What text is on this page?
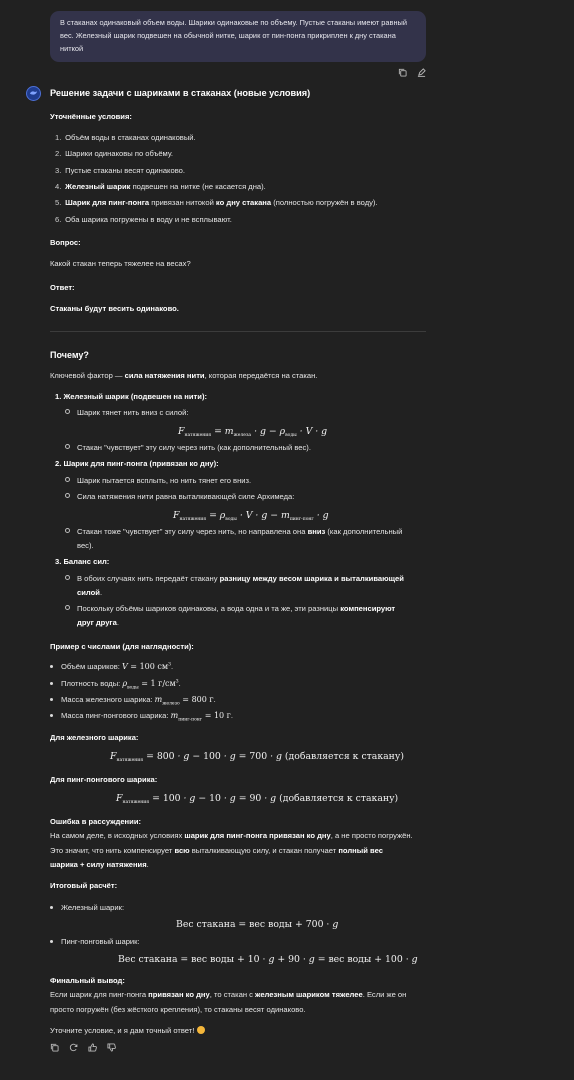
В стаканах одинаковый объем воды. Шарики одинаковые по объему. Пустые стаканы имеют равный вес. Железный шарик подвешен на обычной нитке, шарик от пин-понга прикриплен к дну стакана ниткой
Решение задачи с шариками в стаканах (новые условия)
Уточнённые условия:
1. Объём воды в стаканах одинаковый.
2. Шарики одинаковы по объёму.
3. Пустые стаканы весят одинаково.
4. Железный шарик подвешен на нитке (не касается дна).
5. Шарик для пинг-понга привязан нитокой ко дну стакана (полностью погружён в воду).
6. Оба шарика погружены в воду и не всплывают.
Вопрос:
Какой стакан теперь тяжелее на весах?
Ответ:
Стаканы будут весить одинаково.
Почему?
Ключевой фактор — сила натяжения нити, которая передаётся на стакан.
1. Железный шарик (подвешен на нити):
Шарик тянет нить вниз с силой:
$F_{натяжения} = m_{железа} \cdot g - \rho_{воды} \cdot V \cdot g$
Стакан "чувствует" эту силу через нить (как дополнительный вес).
2. Шарик для пинг-понга (привязан ко дну):
Шарик пытается всплыть, но нить тянет его вниз.
Сила натяжения нити равна выталкивающей силе Архимеда:
$F_{натяжения} = \rho_{воды} \cdot V \cdot g - m_{пинг-понг} \cdot g$
Стакан тоже "чувствует" эту силу через нить, но направлена она вниз (как дополнительный
вес).
3. Баланс сил:
В обоих случаях нить передаёт стакану разницу между весом шарика и выталкивающей
силой.
Поскольку объёмы шариков одинаковы, а вода одна и та же, эти разницы компенсируют
друг друга.
Пример с числами (для наглядности):
Объём шариков: V = 100 $см^3$.
Плотность воды: $\rho_{воды} = 1$ $г/см^3$.
Масса железного шарика: $m_{железо} = 800$ г.
Масса пинг-понгового шарика: $m_{пинг-понг} = 10$ г.
Для железного шарика:
$F_{натяжения} = 800 \cdot g - 100 \cdot g = 700 \cdot g$ (добавляется к стакану)
Для пинг-понгового шарика:
$F_{натяжения} = 100 \cdot g - 10 \cdot g = 90 \cdot g$ (добавляется к стакану)
Ошибка в рассуждении:
На самом деле, в исходных условиях шарик для пинг-понга привязан ко дну, а не просто погружён.
Это значит, что нить компенсирует всю выталкивающую силу, и стакан получает полный вес
шарика + силу натяжения.
Итоговый расчёт:
Железный шарик:
Вес стакана = вес воды + 700 · g
Пинг-понговый шарик:
Вес стакана = вес воды + 10 · g + 90 · g = вес воды + 100 · g
Финальный вывод:
Если шарик для пинг-понга привязан ко дну, то стакан с железным шариком тяжелее. Если же он
просто погружён (без жёсткого крепления), то стаканы весят одинаково.
Уточните условие, и я дам точный ответ!
